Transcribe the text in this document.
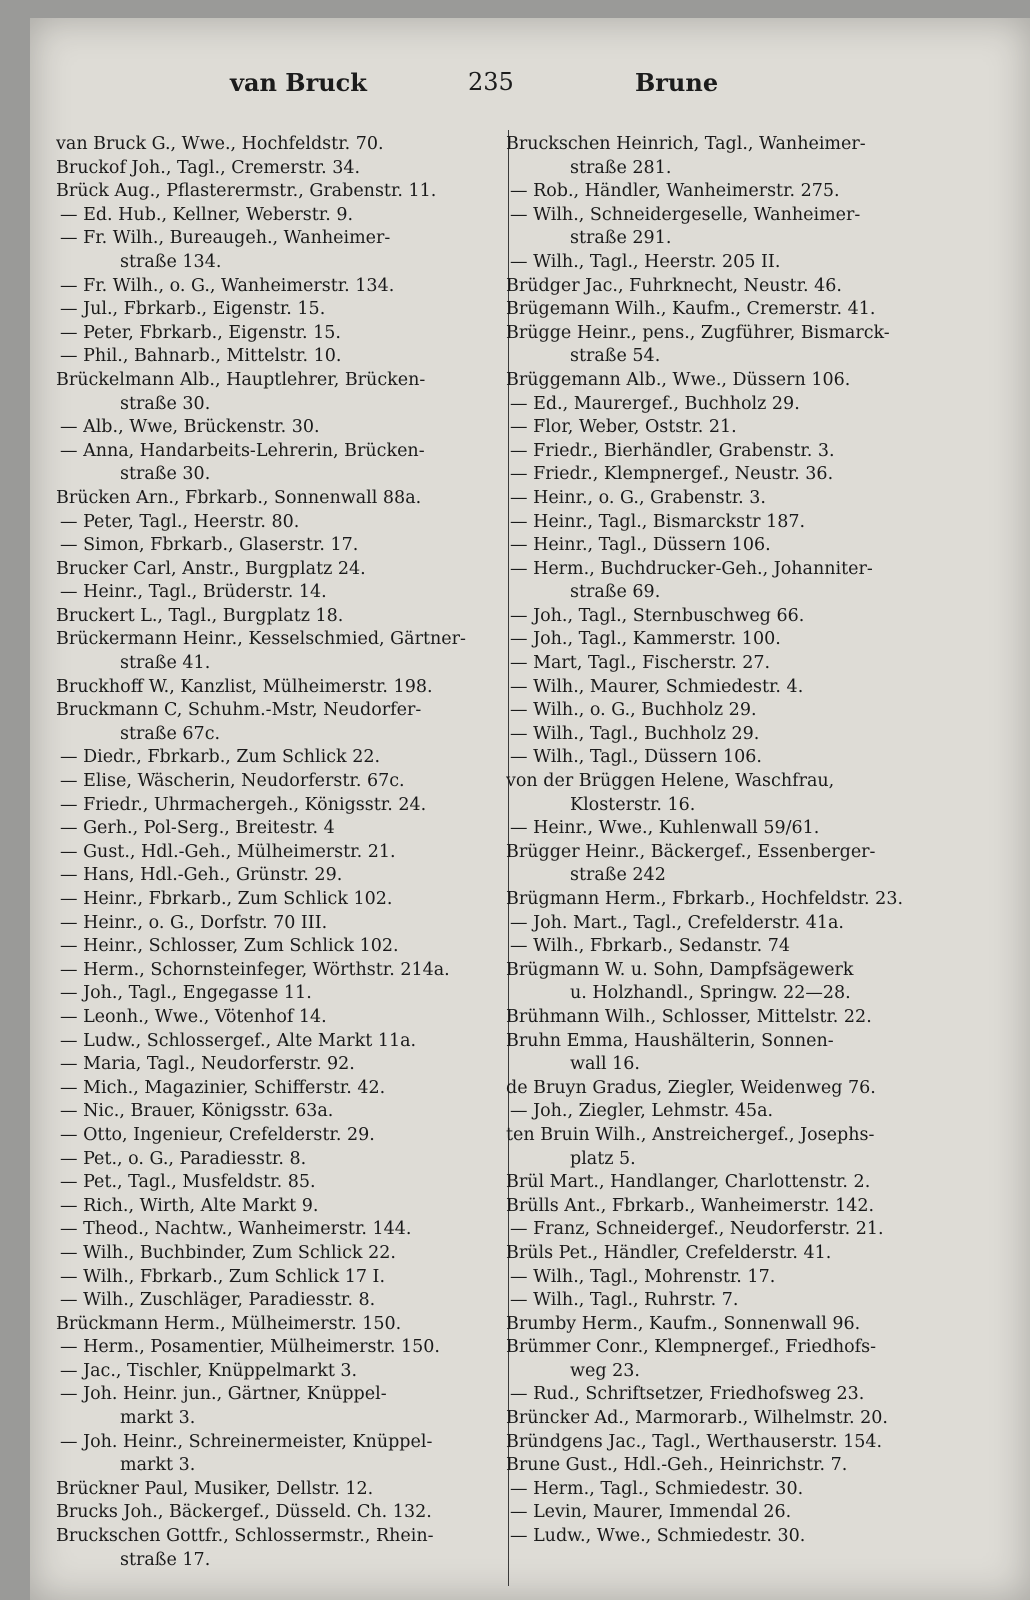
van Bruck	235	Brune
van Bruck G., Wwe., Hochfeldstr. 70.
Bruckof Joh., Tagl., Cremerstr. 34.
Brück Aug., Pflasterermstr., Grabenstr. 11.
— Ed. Hub., Kellner, Weberstr. 9.
— Fr. Wilh., Bureaugeh., Wanheimer-
straße 134.
— Fr. Wilh., o. G., Wanheimerstr. 134.
— Jul., Fbrkarb., Eigenstr. 15.
— Peter, Fbrkarb., Eigenstr. 15.
— Phil., Bahnarb., Mittelstr. 10.
Brückelmann Alb., Hauptlehrer, Brücken-
straße 30.
— Alb., Wwe, Brückenstr. 30.
— Anna, Handarbeits-Lehrerin, Brücken-
straße 30.
Brücken Arn., Fbrkarb., Sonnenwall 88a.
— Peter, Tagl., Heerstr. 80.
— Simon, Fbrkarb., Glaserstr. 17.
Brucker Carl, Anstr., Burgplatz 24.
— Heinr., Tagl., Brüderstr. 14.
Bruckert L., Tagl., Burgplatz 18.
Brückermann Heinr., Kesselschmied, Gärtner-
straße 41.
Bruckhoff W., Kanzlist, Mülheimerstr. 198.
Bruckmann C, Schuhm.-Mstr, Neudorfer-
straße 67c.
— Diedr., Fbrkarb., Zum Schlick 22.
— Elise, Wäscherin, Neudorferstr. 67c.
— Friedr., Uhrmachergeh., Königsstr. 24.
— Gerh., Pol-Serg., Breitestr. 4
— Gust., Hdl.-Geh., Mülheimerstr. 21.
— Hans, Hdl.-Geh., Grünstr. 29.
— Heinr., Fbrkarb., Zum Schlick 102.
— Heinr., o. G., Dorfstr. 70 III.
— Heinr., Schlosser, Zum Schlick 102.
— Herm., Schornsteinfeger, Wörthstr. 214a.
— Joh., Tagl., Engegasse 11.
— Leonh., Wwe., Vötenhof 14.
— Ludw., Schlossergef., Alte Markt 11a.
— Maria, Tagl., Neudorferstr. 92.
— Mich., Magazinier, Schifferstr. 42.
— Nic., Brauer, Königsstr. 63a.
— Otto, Ingenieur, Crefelderstr. 29.
— Pet., o. G., Paradiesstr. 8.
— Pet., Tagl., Musfeldstr. 85.
— Rich., Wirth, Alte Markt 9.
— Theod., Nachtw., Wanheimerstr. 144.
— Wilh., Buchbinder, Zum Schlick 22.
— Wilh., Fbrkarb., Zum Schlick 17 I.
— Wilh., Zuschläger, Paradiesstr. 8.
Brückmann Herm., Mülheimerstr. 150.
— Herm., Posamentier, Mülheimerstr. 150.
— Jac., Tischler, Knüppelmarkt 3.
— Joh. Heinr. jun., Gärtner, Knüppel-
markt 3.
— Joh. Heinr., Schreinermeister, Knüppel-
markt 3.
Brückner Paul, Musiker, Dellstr. 12.
Brucks Joh., Bäckergef., Düsseld. Ch. 132.
Bruckschen Gottfr., Schlossermstr., Rhein-
straße 17.
Bruckschen Heinrich, Tagl., Wanheimer-
straße 281.
— Rob., Händler, Wanheimerstr. 275.
— Wilh., Schneidergeselle, Wanheimer-
straße 291.
— Wilh., Tagl., Heerstr. 205 II.
Brüdger Jac., Fuhrknecht, Neustr. 46.
Brügemann Wilh., Kaufm., Cremerstr. 41.
Brügge Heinr., pens., Zugführer, Bismarck-
straße 54.
Brüggemann Alb., Wwe., Düssern 106.
— Ed., Maurergef., Buchholz 29.
— Flor, Weber, Oststr. 21.
— Friedr., Bierhändler, Grabenstr. 3.
— Friedr., Klempnergef., Neustr. 36.
— Heinr., o. G., Grabenstr. 3.
— Heinr., Tagl., Bismarckstr 187.
— Heinr., Tagl., Düssern 106.
— Herm., Buchdrucker-Geh., Johanniter-
straße 69.
— Joh., Tagl., Sternbuschweg 66.
— Joh., Tagl., Kammerstr. 100.
— Mart, Tagl., Fischerstr. 27.
— Wilh., Maurer, Schmiedestr. 4.
— Wilh., o. G., Buchholz 29.
— Wilh., Tagl., Buchholz 29.
— Wilh., Tagl., Düssern 106.
von der Brüggen Helene, Waschfrau,
Klosterstr. 16.
— Heinr., Wwe., Kuhlenwall 59/61.
Brügger Heinr., Bäckergef., Essenberger-
straße 242
Brügmann Herm., Fbrkarb., Hochfeldstr. 23.
— Joh. Mart., Tagl., Crefelderstr. 41a.
— Wilh., Fbrkarb., Sedanstr. 74
Brügmann W. u. Sohn, Dampfsägewerk
u. Holzhandl., Springw. 22—28.
Brühmann Wilh., Schlosser, Mittelstr. 22.
Bruhn Emma, Haushälterin, Sonnen-
wall 16.
de Bruyn Gradus, Ziegler, Weidenweg 76.
— Joh., Ziegler, Lehmstr. 45a.
ten Bruin Wilh., Anstreichergef., Josephs-
platz 5.
Brül Mart., Handlanger, Charlottenstr. 2.
Brülls Ant., Fbrkarb., Wanheimerstr. 142.
— Franz, Schneidergef., Neudorferstr. 21.
Brüls Pet., Händler, Crefelderstr. 41.
— Wilh., Tagl., Mohrenstr. 17.
— Wilh., Tagl., Ruhrstr. 7.
Brumby Herm., Kaufm., Sonnenwall 96.
Brümmer Conr., Klempnergef., Friedhofs-
weg 23.
— Rud., Schriftsetzer, Friedhofsweg 23.
Brüncker Ad., Marmorarb., Wilhelmstr. 20.
Bründgens Jac., Tagl., Werthauserstr. 154.
Brune Gust., Hdl.-Geh., Heinrichstr. 7.
— Herm., Tagl., Schmiedestr. 30.
— Levin, Maurer, Immendal 26.
— Ludw., Wwe., Schmiedestr. 30.
